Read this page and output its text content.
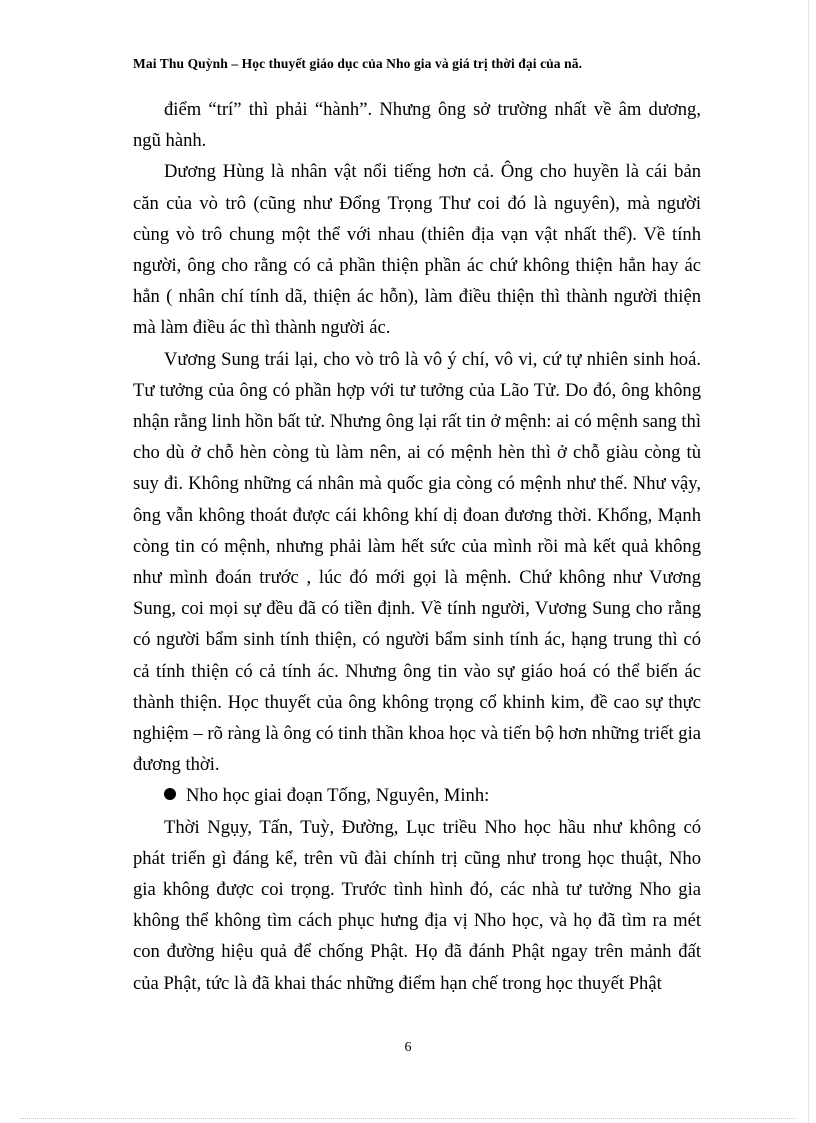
Mai Thu Quỳnh – Học thuyết giáo dục của Nho gia và giá trị thời đại của nã.

điểm “trí” thì phải “hành”. Nhưng ông sở trường nhất về âm dương, ngũ hành.

Dương Hùng là nhân vật nổi tiếng hơn cả. Ông cho huyền là cái bản căn của vò trô (cũng như Đổng Trọng Thư coi đó là nguyên), mà người cùng vò trô chung một thể với nhau (thiên địa vạn vật nhất thể). Về tính người, ông cho rằng có cả phần thiện phần ác chứ không thiện hẳn hay ác hẳn ( nhân chí tính dã, thiện ác hỗn), làm điều thiện thì thành người thiện mà làm điều ác thì thành người ác.

Vương Sung trái lại, cho vò trô là vô ý chí, vô vi, cứ tự nhiên sinh hoá. Tư tưởng của ông có phần hợp với tư tưởng của Lão Tử. Do đó, ông không nhận rằng linh hồn bất tử. Nhưng ông lại rất tin ở mệnh: ai có mệnh sang thì cho dù ở chỗ hèn còng tù làm nên, ai có mệnh hèn thì ở chỗ giàu còng tù suy đi. Không những cá nhân mà quốc gia còng có mệnh như thế. Như vậy, ông vẫn không thoát được cái không khí dị đoan đương thời. Khổng, Mạnh còng tin có mệnh, nhưng phải làm hết sức của mình rồi mà kết quả không như mình đoán trước , lúc đó mới gọi là mệnh. Chứ không như Vương Sung, coi mọi sự đều đã có tiền định. Về tính người, Vương Sung cho rằng có người bẩm sinh tính thiện, có người bẩm sinh tính ác, hạng trung thì có cả tính thiện có cả tính ác. Nhưng ông tin vào sự giáo hoá có thể biến ác thành thiện. Học thuyết của ông không trọng cổ khinh kim, đề cao sự thực nghiệm – rõ ràng là ông có tinh thần khoa học và tiến bộ hơn những triết gia đương thời.

Nho học giai đoạn Tống, Nguyên, Minh:

Thời Ngụy, Tấn, Tuỳ, Đường, Lục triều Nho học hầu như không có phát triển gì đáng kể, trên vũ đài chính trị cũng như trong học thuật, Nho gia không được coi trọng. Trước tình hình đó, các nhà tư tưởng Nho gia không thể không tìm cách phục hưng địa vị Nho học, và họ đã tìm ra mét con đường hiệu quả để chống Phật. Họ đã đánh Phật ngay trên mảnh đất của Phật, tức là đã khai thác những điểm hạn chế trong học thuyết Phật

6
